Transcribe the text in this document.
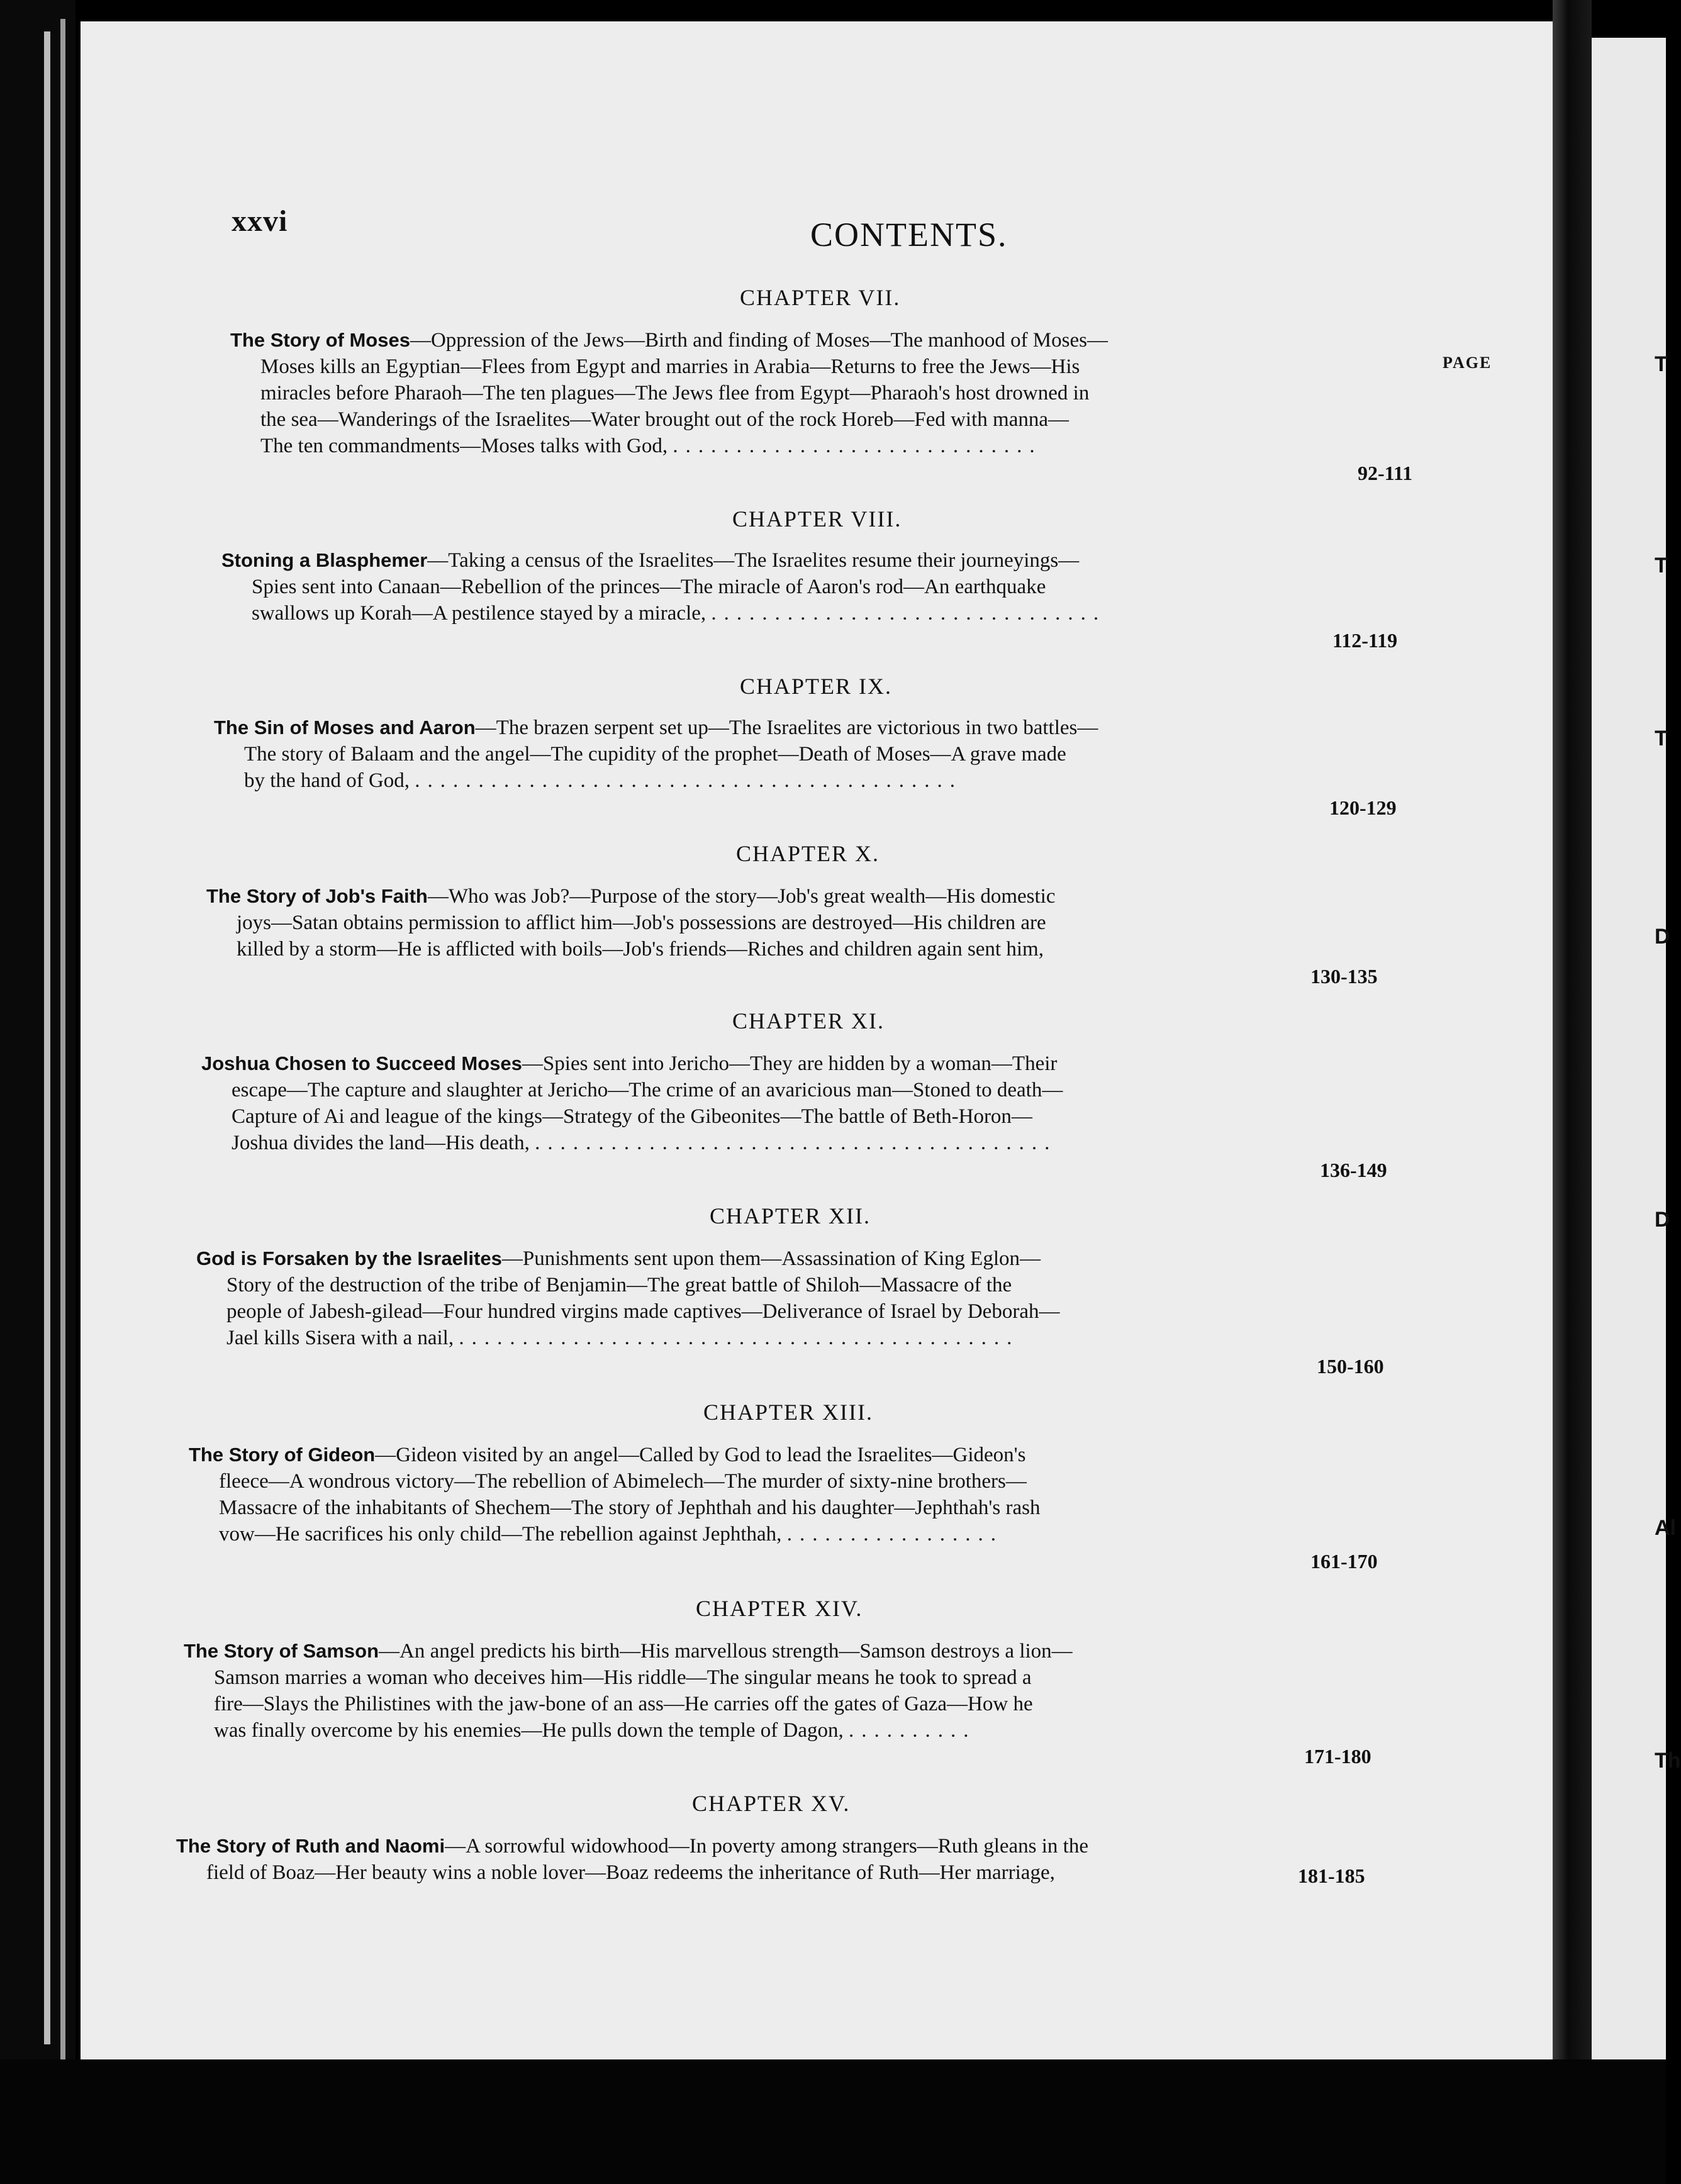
xxvi	CONTENTS.
PAGE
CHAPTER VII.
The Story of Moses—Oppression of the Jews—Birth and finding of Moses—The manhood of Moses—
Moses kills an Egyptian—Flees from Egypt and marries in Arabia—Returns to free the Jews—His
miracles before Pharaoh—The ten plagues—The Jews flee from Egypt—Pharaoh's host drowned in
the sea—Wanderings of the Israelites—Water brought out of the rock Horeb—Fed with manna—
The ten commandments—Moses talks with God, .............................
92-111
CHAPTER VIII.
Stoning a Blasphemer—Taking a census of the Israelites—The Israelites resume their journeyings—
Spies sent into Canaan—Rebellion of the princes—The miracle of Aaron's rod—An earthquake
swallows up Korah—A pestilence stayed by a miracle, ...............................
112-119
CHAPTER IX.
The Sin of Moses and Aaron—The brazen serpent set up—The Israelites are victorious in two battles—
The story of Balaam and the angel—The cupidity of the prophet—Death of Moses—A grave made
by the hand of God, ...........................................
120-129
CHAPTER X.
The Story of Job's Faith—Who was Job?—Purpose of the story—Job's great wealth—His domestic
joys—Satan obtains permission to afflict him—Job's possessions are destroyed—His children are
killed by a storm—He is afflicted with boils—Job's friends—Riches and children again sent him,
130-135
CHAPTER XI.
Joshua Chosen to Succeed Moses—Spies sent into Jericho—They are hidden by a woman—Their
escape—The capture and slaughter at Jericho—The crime of an avaricious man—Stoned to death—
Capture of Ai and league of the kings—Strategy of the Gibeonites—The battle of Beth-Horon—
Joshua divides the land—His death, .........................................
136-149
CHAPTER XII.
God is Forsaken by the Israelites—Punishments sent upon them—Assassination of King Eglon—
Story of the destruction of the tribe of Benjamin—The great battle of Shiloh—Massacre of the
people of Jabesh-gilead—Four hundred virgins made captives—Deliverance of Israel by Deborah—
Jael kills Sisera with a nail, ............................................
150-160
CHAPTER XIII.
The Story of Gideon—Gideon visited by an angel—Called by God to lead the Israelites—Gideon's
fleece—A wondrous victory—The rebellion of Abimelech—The murder of sixty-nine brothers—
Massacre of the inhabitants of Shechem—The story of Jephthah and his daughter—Jephthah's rash
vow—He sacrifices his only child—The rebellion against Jephthah, .................
161-170
CHAPTER XIV.
The Story of Samson—An angel predicts his birth—His marvellous strength—Samson destroys a lion—
Samson marries a woman who deceives him—His riddle—The singular means he took to spread a
fire—Slays the Philistines with the jaw-bone of an ass—He carries off the gates of Gaza—How he
was finally overcome by his enemies—He pulls down the temple of Dagon, ..........
171-180
CHAPTER XV.
The Story of Ruth and Naomi—A sorrowful widowhood—In poverty among strangers—Ruth gleans in the
field of Boaz—Her beauty wins a noble lover—Boaz redeems the inheritance of Ruth—Her marriage,	181-185
T
T
T
D
D
Al
Th
